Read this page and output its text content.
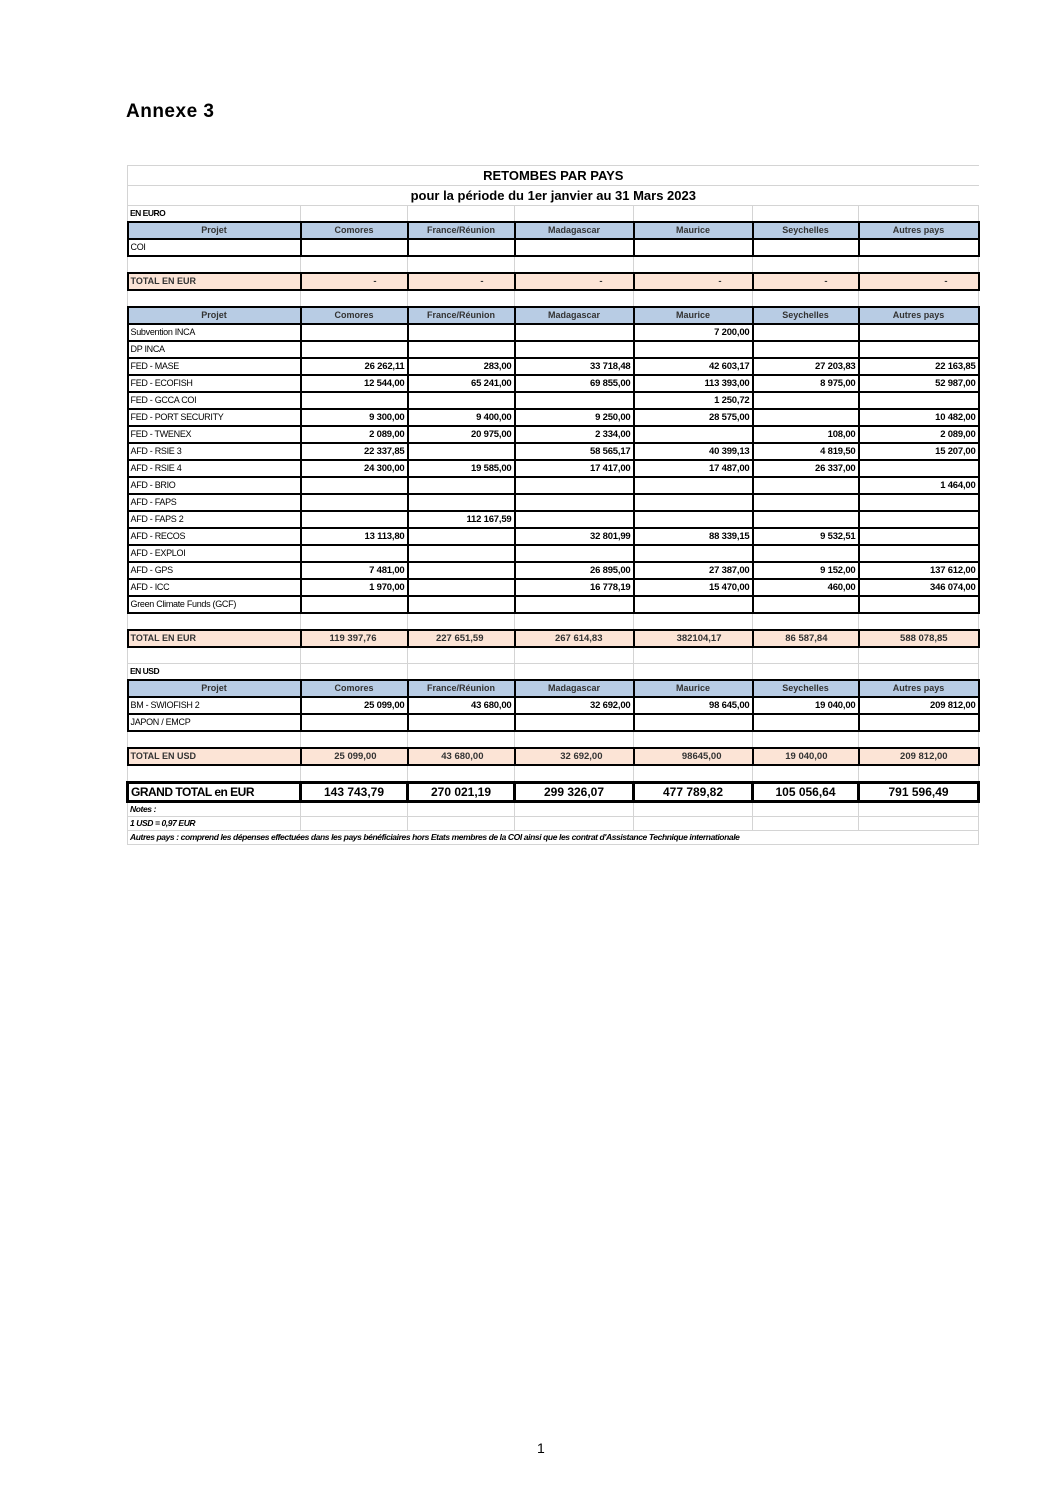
Annexe 3
RETOMBES PAR PAYS						
pour la période du 1er janvier au 31 Mars 2023						
EN EURO						
Projet	Comores	France/Réunion	Madagascar	Maurice	Seychelles	Autres pays
COI						

TOTAL EN EUR	-	-	-	-	-	-

Projet	Comores	France/Réunion	Madagascar	Maurice	Seychelles	Autres pays
Subvention INCA				7 200,00		
DP INCA						
FED - MASE	26 262,11	283,00	33 718,48	42 603,17	27 203,83	22 163,85
FED - ECOFISH	12 544,00	65 241,00	69 855,00	113 393,00	8 975,00	52 987,00
FED - GCCA COI				1 250,72		
FED - PORT SECURITY	9 300,00	9 400,00	9 250,00	28 575,00		10 482,00
FED - TWENEX	2 089,00	20 975,00	2 334,00		108,00	2 089,00
AFD - RSIE 3	22 337,85		58 565,17	40 399,13	4 819,50	15 207,00
AFD - RSIE 4	24 300,00	19 585,00	17 417,00	17 487,00	26 337,00	
AFD - BRIO						1 464,00
AFD - FAPS						
AFD - FAPS 2		112 167,59				
AFD - RECOS	13 113,80		32 801,99	88 339,15	9 532,51	
AFD - EXPLOI						
AFD - GPS	7 481,00		26 895,00	27 387,00	9 152,00	137 612,00
AFD - ICC	1 970,00		16 778,19	15 470,00	460,00	346 074,00
Green Climate Funds (GCF)						

TOTAL EN EUR	119 397,76	227 651,59	267 614,83	382104,17	86 587,84	588 078,85

EN USD						
Projet	Comores	France/Réunion	Madagascar	Maurice	Seychelles	Autres pays
BM - SWIOFISH 2	25 099,00	43 680,00	32 692,00	98 645,00	19 040,00	209 812,00
JAPON / EMCP						

TOTAL EN USD	25 099,00	43 680,00	32 692,00	98645,00	19 040,00	209 812,00

GRAND TOTAL en EUR	143 743,79	270 021,19	299 326,07	477 789,82	105 056,64	791 596,49
Notes :						
1 USD = 0,97 EUR						
Autres pays : comprend les dépenses effectuées dans les pays bénéficiaires hors Etats membres de la COI ainsi que les contrat d'Assistance Technique internationale						
1
